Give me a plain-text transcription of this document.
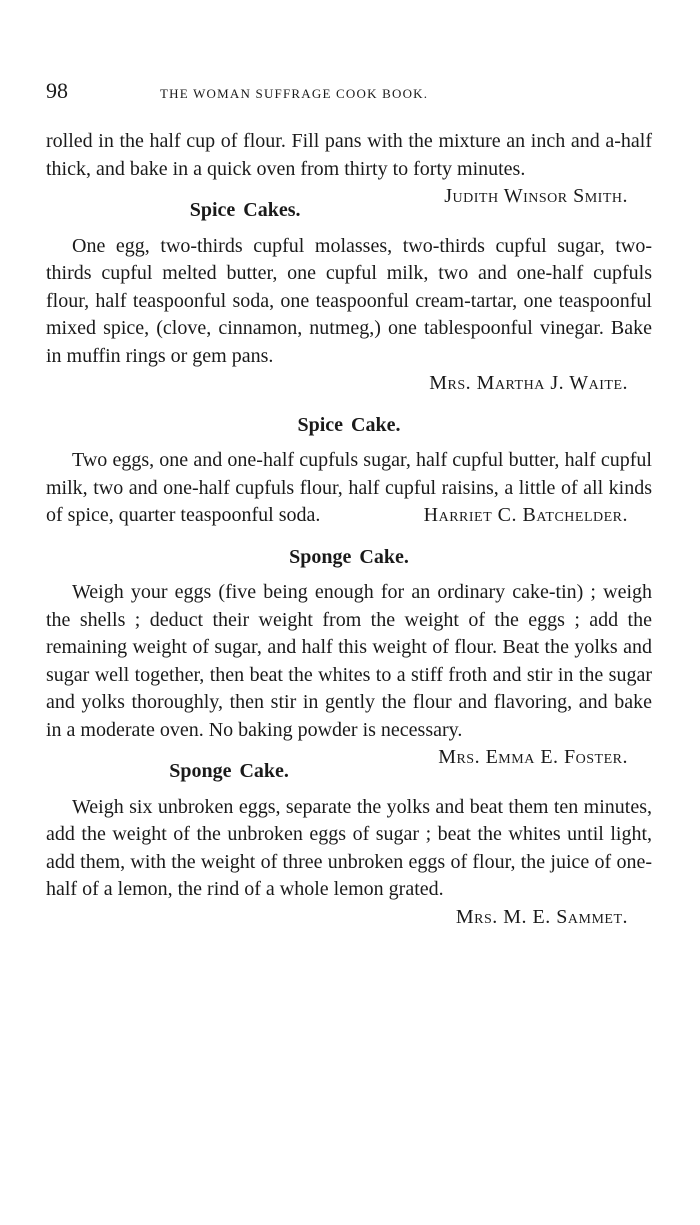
98	THE WOMAN SUFFRAGE COOK BOOK.

rolled in the half cup of flour. Fill pans with the mixture an inch and a-half thick, and bake in a quick oven from thirty to forty minutes.
Judith Winsor Smith.

Spice Cakes.

One egg, two-thirds cupful molasses, two-thirds cupful sugar, two-thirds cupful melted butter, one cupful milk, two and one-half cupfuls flour, half teaspoonful soda, one teaspoonful cream-tartar, one teaspoonful mixed spice, (clove, cinnamon, nutmeg,) one tablespoonful vinegar. Bake in muffin rings or gem pans.

Mrs. Martha J. Waite.

Spice Cake.

Two eggs, one and one-half cupfuls sugar, half cupful butter, half cupful milk, two and one-half cupfuls flour, half cupful raisins, a little of all kinds of spice, quarter teaspoonful soda.	Harriet C. Batchelder.

Sponge Cake.

Weigh your eggs (five being enough for an ordinary cake-tin) ; weigh the shells ; deduct their weight from the weight of the eggs ; add the remaining weight of sugar, and half this weight of flour. Beat the yolks and sugar well together, then beat the whites to a stiff froth and stir in the sugar and yolks thoroughly, then stir in gently the flour and flavoring, and bake in a moderate oven. No baking powder is necessary.
Mrs. Emma E. Foster.

Sponge Cake.

Weigh six unbroken eggs, separate the yolks and beat them ten minutes, add the weight of the unbroken eggs of sugar ; beat the whites until light, add them, with the weight of three unbroken eggs of flour, the juice of one-half of a lemon, the rind of a whole lemon grated.

Mrs. M. E. Sammet.
